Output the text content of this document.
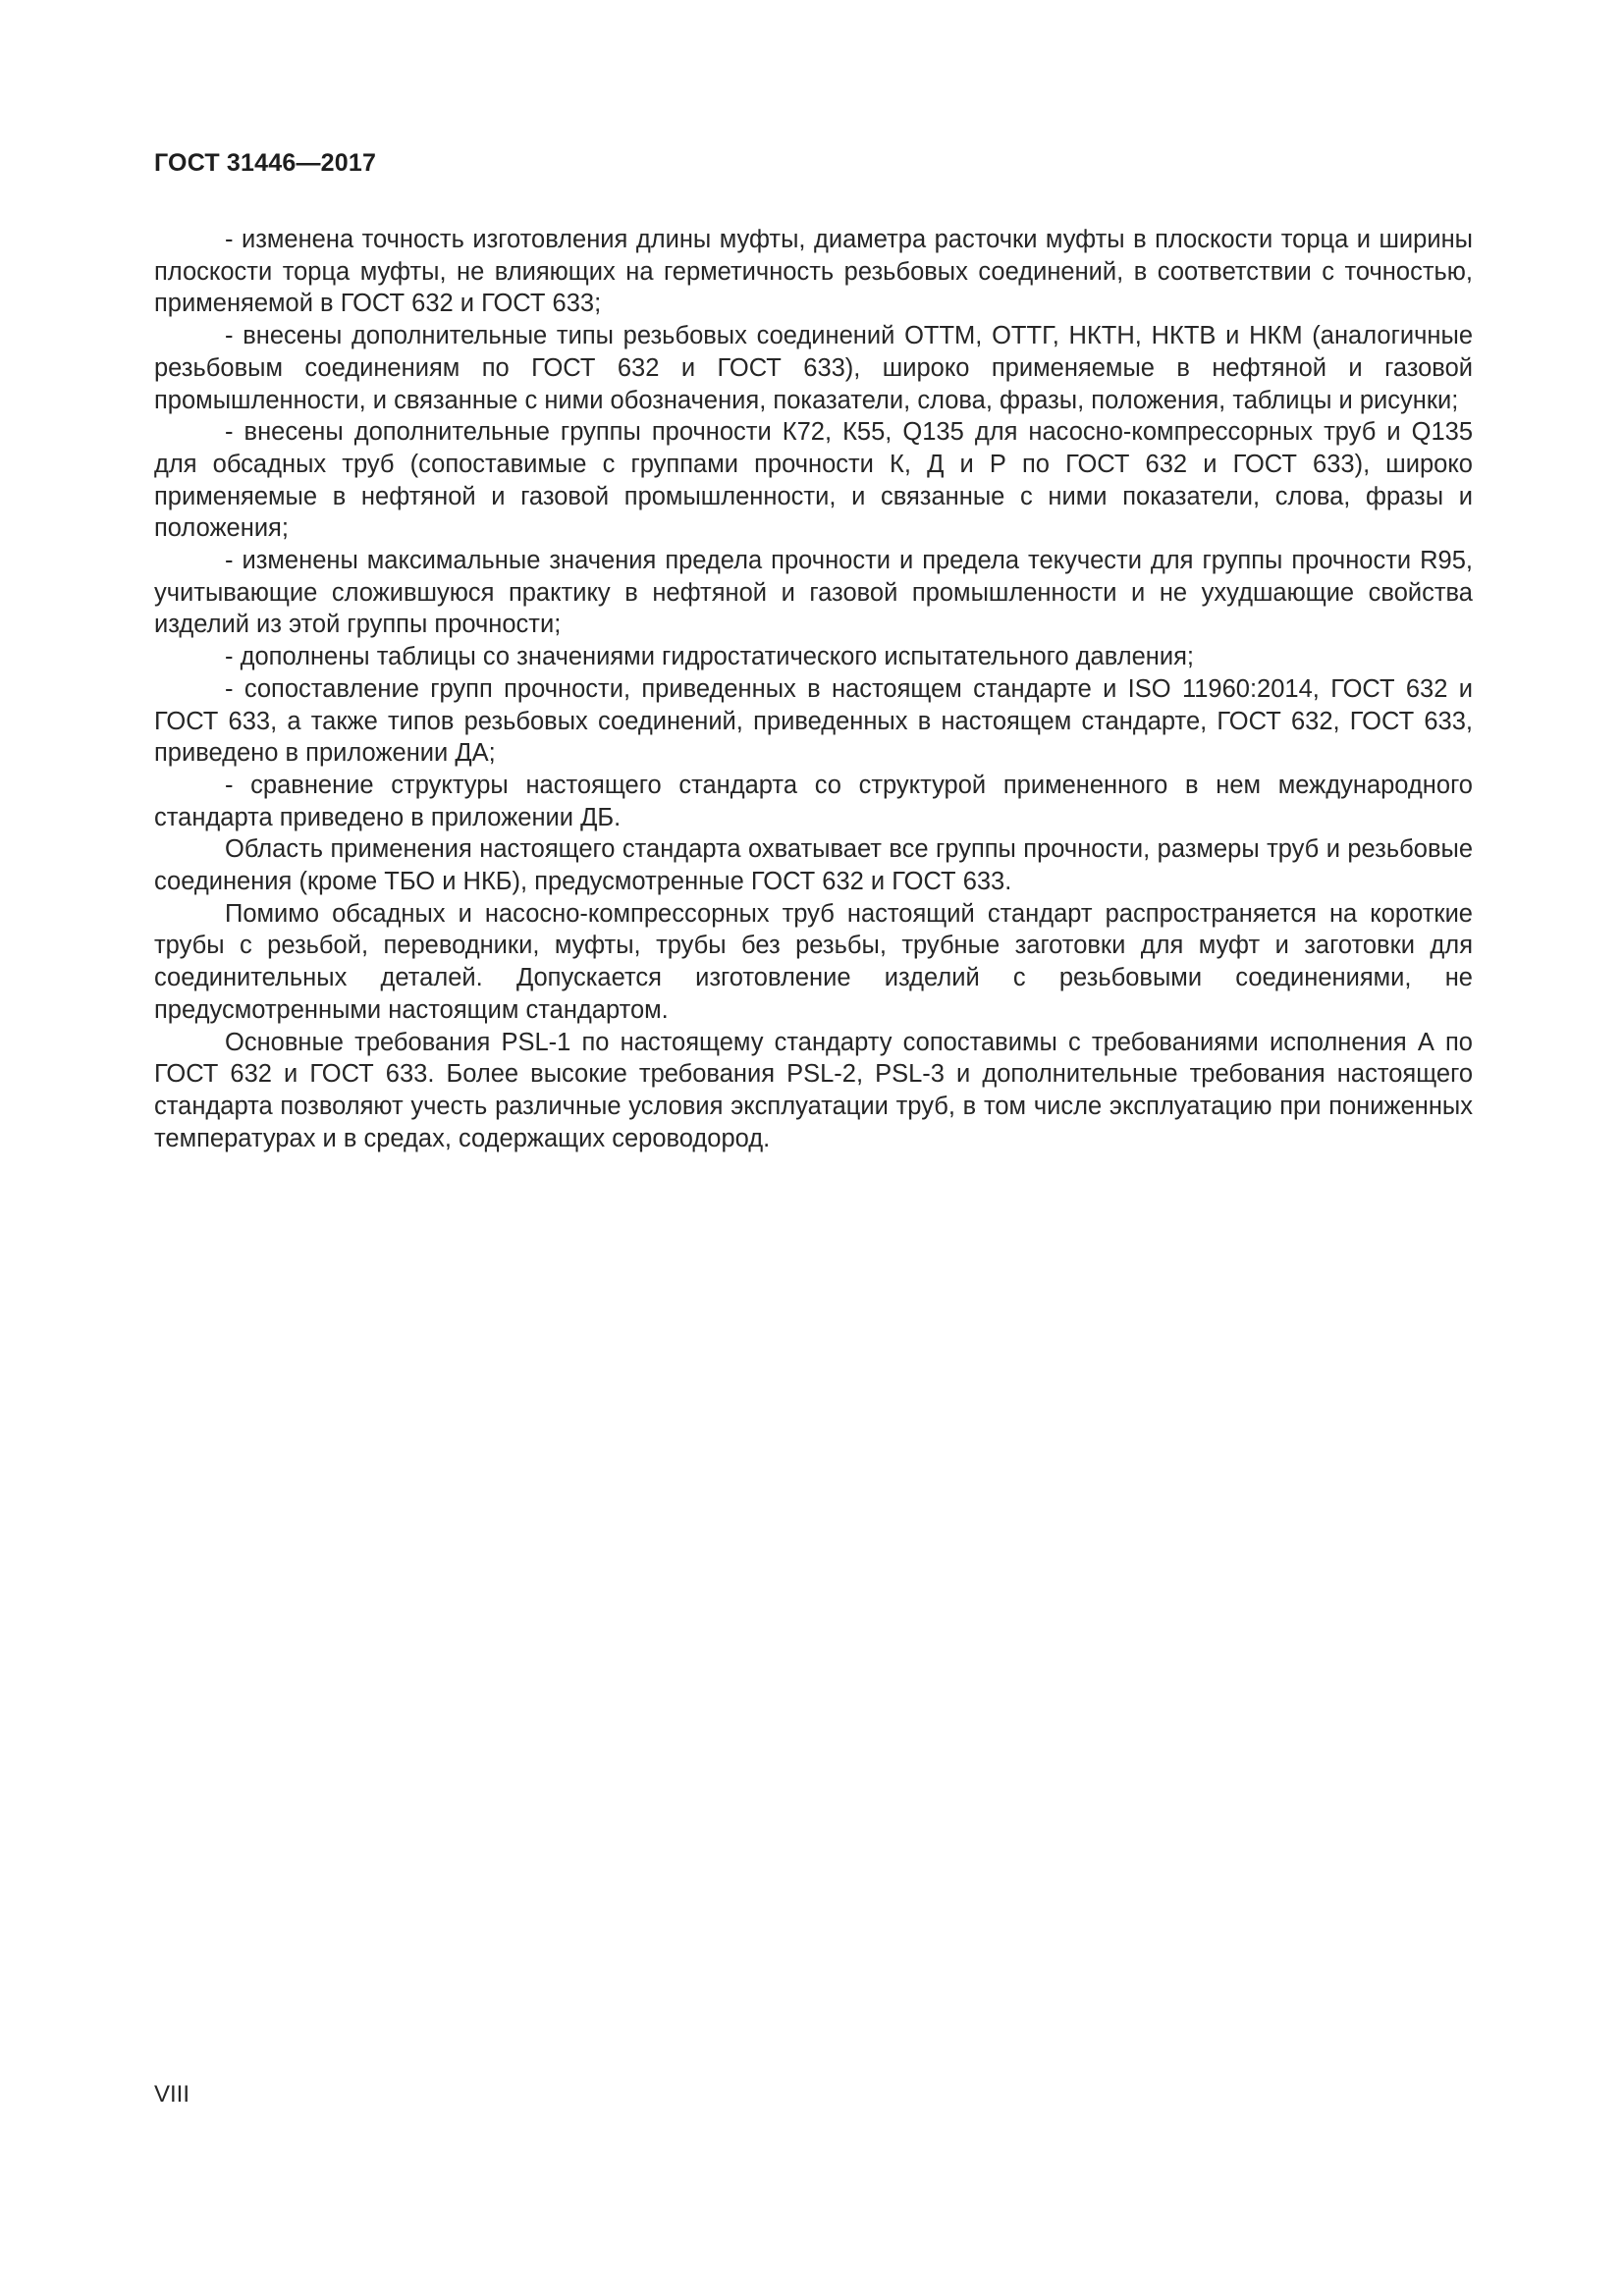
ГОСТ 31446—2017

- изменена точность изготовления длины муфты, диаметра расточки муфты в плоскости торца и ширины плоскости торца муфты, не влияющих на герметичность резьбовых соединений, в соответствии с точностью, применяемой в ГОСТ 632 и ГОСТ 633;

- внесены дополнительные типы резьбовых соединений ОТТМ, ОТТГ, НКТН, НКТВ и НКМ (аналогичные резьбовым соединениям по ГОСТ 632 и ГОСТ 633), широко применяемые в нефтяной и газовой промышленности, и связанные с ними обозначения, показатели, слова, фразы, положения, таблицы и рисунки;

- внесены дополнительные группы прочности К72, К55, Q135 для насосно-компрессорных труб и Q135 для обсадных труб (сопоставимые с группами прочности К, Д и Р по ГОСТ 632 и ГОСТ 633), широко применяемые в нефтяной и газовой промышленности, и связанные с ними показатели, слова, фразы и положения;

- изменены максимальные значения предела прочности и предела текучести для группы прочности R95, учитывающие сложившуюся практику в нефтяной и газовой промышленности и не ухудшающие свойства изделий из этой группы прочности;

- дополнены таблицы со значениями гидростатического испытательного давления;

- сопоставление групп прочности, приведенных в настоящем стандарте и ISO 11960:2014, ГОСТ 632 и ГОСТ 633, а также типов резьбовых соединений, приведенных в настоящем стандарте, ГОСТ 632, ГОСТ 633, приведено в приложении ДА;

- сравнение структуры настоящего стандарта со структурой примененного в нем международного стандарта приведено в приложении ДБ.

Область применения настоящего стандарта охватывает все группы прочности, размеры труб и резьбовые соединения (кроме ТБО и НКБ), предусмотренные ГОСТ 632 и ГОСТ 633.

Помимо обсадных и насосно-компрессорных труб настоящий стандарт распространяется на короткие трубы с резьбой, переводники, муфты, трубы без резьбы, трубные заготовки для муфт и заготовки для соединительных деталей. Допускается изготовление изделий с резьбовыми соединениями, не предусмотренными настоящим стандартом.

Основные требования PSL-1 по настоящему стандарту сопоставимы с требованиями исполнения А по ГОСТ 632 и ГОСТ 633. Более высокие требования PSL-2, PSL-3 и дополнительные требования настоящего стандарта позволяют учесть различные условия эксплуатации труб, в том числе эксплуатацию при пониженных температурах и в средах, содержащих сероводород.

VIII
